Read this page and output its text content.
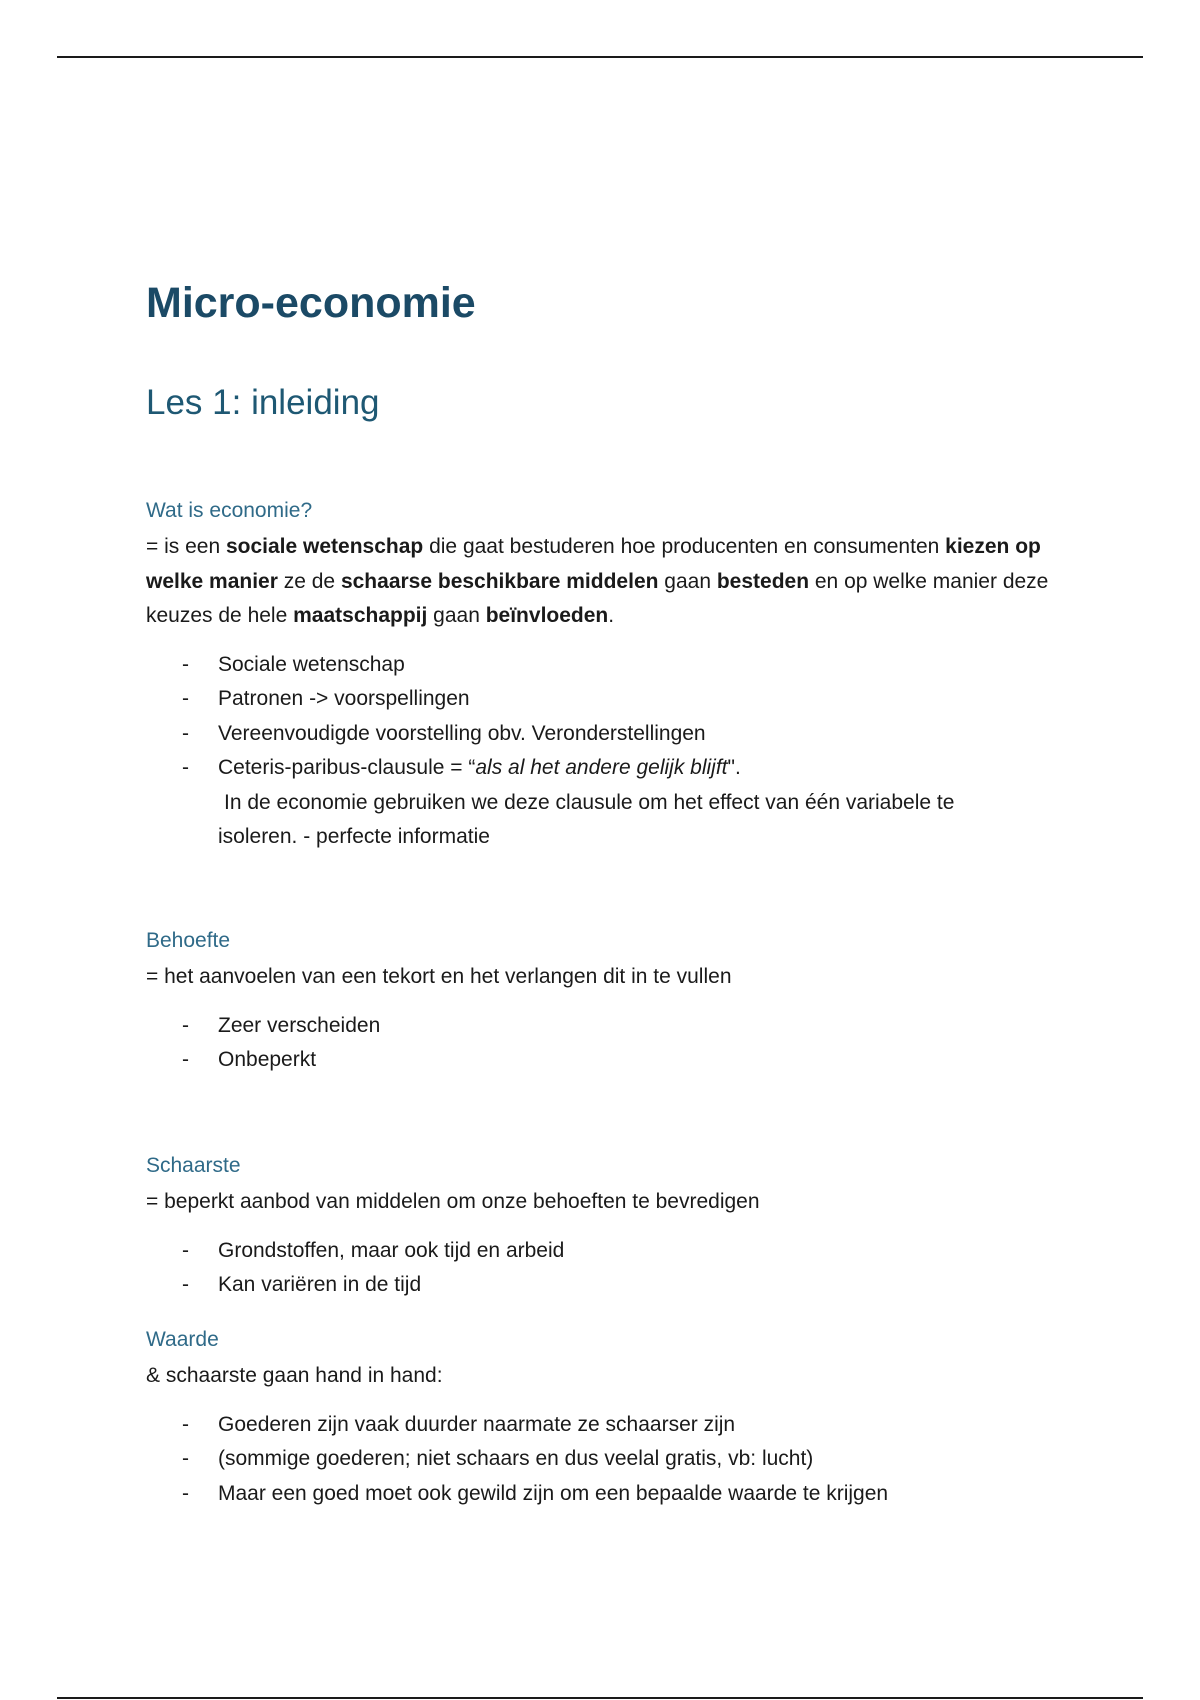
Micro-economie
Les 1: inleiding
Wat is economie?

= is een sociale wetenschap die gaat bestuderen hoe producenten en consumenten kiezen op welke manier ze de schaarse beschikbare middelen gaan besteden en op welke manier deze keuzes de hele maatschappij gaan beïnvloeden.

- Sociale wetenschap
- Patronen -> voorspellingen
- Vereenvoudigde voorstelling obv. Veronderstellingen
- Ceteris-paribus-clausule = “als al het andere gelijk blijft".
In de economie gebruiken we deze clausule om het effect van één variabele te
isoleren. - perfecte informatie
Behoefte

= het aanvoelen van een tekort en het verlangen dit in te vullen

- Zeer verscheiden
- Onbeperkt
Schaarste

= beperkt aanbod van middelen om onze behoeften te bevredigen

- Grondstoffen, maar ook tijd en arbeid
- Kan variëren in de tijd
Waarde

& schaarste gaan hand in hand:

- Goederen zijn vaak duurder naarmate ze schaarser zijn
- (sommige goederen; niet schaars en dus veelal gratis, vb: lucht)
- Maar een goed moet ook gewild zijn om een bepaalde waarde te krijgen
